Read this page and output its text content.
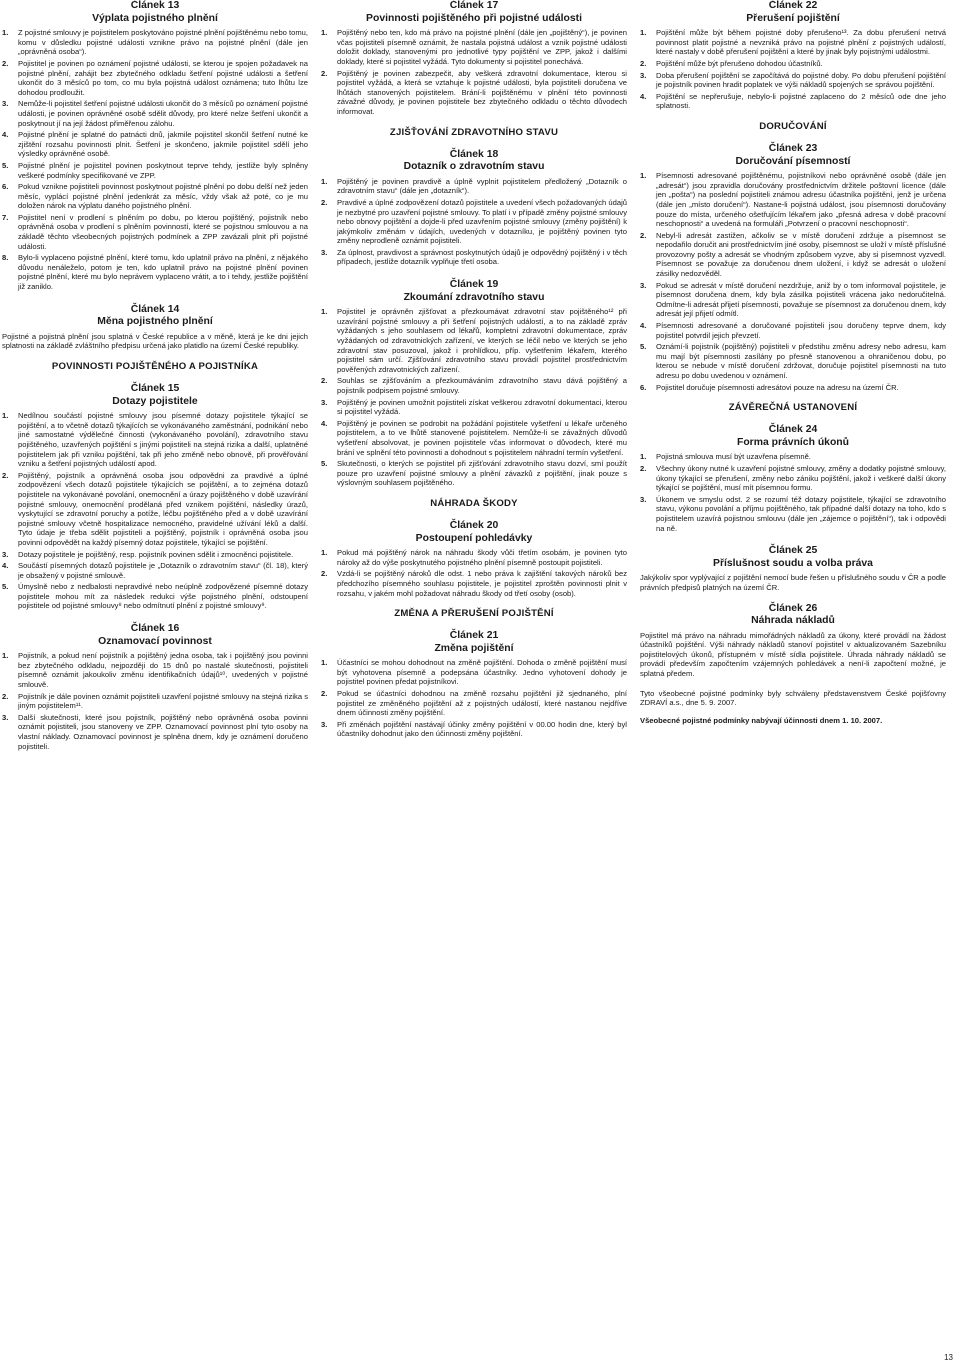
Článek 13
Výplata pojistného plnění
1. Z pojistné smlouvy je pojistitelem poskytováno pojistné plnění pojištěnému nebo tomu, komu v důsledku pojistné události vznikne právo na pojistné plnění (dále jen „oprávněná osoba“).
2. Pojistitel je povinen po oznámení pojistné události, se kterou je spojen požadavek na pojistné plnění, zahájit bez zbytečného odkladu šetření pojistné události a šetření ukončit do 3 měsíců po tom, co mu byla pojistná událost oznámena; tuto lhůtu lze dohodou prodloužit.
3. Nemůže-li pojistitel šetření pojistné události ukončit do 3 měsíců po oznámení pojistné události, je povinen oprávněné osobě sdělit důvody, pro které nelze šetření ukončit a poskytnout jí na její žádost přiměřenou zálohu.
4. Pojistné plnění je splatné do patnácti dnů, jakmile pojistitel skončil šetření nutné ke zjištění rozsahu povinnosti plnit. Šetření je skončeno, jakmile pojistitel sdělí jeho výsledky oprávněné osobě.
5. Pojistné plnění je pojistitel povinen poskytnout teprve tehdy, jestliže byly splněny veškeré podmínky specifikované ve ZPP.
6. Pokud vznikne pojistiteli povinnost poskytnout pojistné plnění po dobu delší než jeden měsíc, vyplácí pojistné plnění jedenkrát za měsíc, vždy však až poté, co je mu doložen nárok na výplatu daného pojistného plnění.
7. Pojistitel není v prodlení s plněním po dobu, po kterou pojištěný, pojistník nebo oprávněná osoba v prodlení s plněním povinností, které se pojistnou smlouvou a na základě těchto všeobecných pojistných podmínek a ZPP zavázali plnit při pojistné události.
8. Bylo-li vyplaceno pojistné plnění, které tomu, kdo uplatnil právo na plnění, z nějakého důvodu nenáleželo, potom je ten, kdo uplatnil právo na pojistné plnění povinen pojistné plnění, které mu bylo neprávem vyplaceno vrátit, a to i tehdy, jestliže pojištění již zaniklo.
Článek 14
Měna pojistného plnění

Pojistné a pojistná plnění jsou splatná v České republice a v měně, která je ke dni jejich splatnosti na základě zvláštního předpisu určená jako platidlo na území České republiky.

POVINNOSTI POJIŠTĚNÉHO A POJISTNÍKA
Článek 15
Dotazy pojistitele
1. Nedílnou součástí pojistné smlouvy jsou písemné dotazy pojistitele týkající se pojištění, a to včetně dotazů týkajících se vykonávaného zaměstnání, podnikání nebo jiné samostatné výdělečné činnosti (vykonávaného povolání), zdravotního stavu pojištěného, uzavřených pojištění s jinými pojistiteli na stejná rizika a další, uplatněné pojistitelem jak při vzniku pojištění, tak při jeho změně nebo obnově, při prověřování vzniku a šetření pojistných událostí apod.
2. Pojištěný, pojistník a oprávněná osoba jsou odpovědni za pravdivé a úplné zodpovězení všech dotazů pojistitele týkajících se pojištění, a to zejména dotazů pojistitele na vykonávané povolání, onemocnění a úrazy pojištěného v době uzavírání pojistné smlouvy, onemocnění prodělaná před vznikem pojištění, následky úrazů, vyskytující se zdravotní poruchy a potíže, léčbu pojištěného před a v době uzavírání pojistné smlouvy včetně hospitalizace nemocného, pravidelné užívání léků a další. Tyto údaje je třeba sdělit pojistiteli a pojištěný, pojistník i oprávněná osoba jsou povinni odpovědět na každý písemný dotaz pojistitele, týkající se pojištění.
3. Dotazy pojistitele je pojištěný, resp. pojistník povinen sdělit i zmocněnci pojistitele.
4. Součástí písemných dotazů pojistitele je „Dotazník o zdravotním stavu“ (čl. 18), který je obsažený v pojistné smlouvě.
5. Úmyslně nebo z nedbalosti nepravdivé nebo neúplně zodpovězené písemné dotazy pojistitele mohou mít za následek redukci výše pojistného plnění, odstoupení pojistitele od pojistné smlouvy⁸ nebo odmítnutí plnění z pojistné smlouvy⁹.
Článek 16
Oznamovací povinnost
1. Pojistník, a pokud není pojistník a pojištěný jedna osoba, tak i pojištěný jsou povinni bez zbytečného odkladu, nejpozději do 15 dnů po nastalé skutečnosti, pojistiteli písemně oznámit jakoukoliv změnu identifikačních údajů¹⁰, uvedených v pojistné smlouvě.
2. Pojistník je dále povinen oznámit pojistiteli uzavření pojistné smlouvy na stejná rizika s jiným pojistitelem¹¹.
3. Další skutečnosti, které jsou pojistník, pojištěný nebo oprávněná osoba povinni oznámit pojistiteli, jsou stanoveny ve ZPP. Oznamovací povinnost plní tyto osoby na vlastní náklady. Oznamovací povinnost je splněna dnem, kdy je oznámení doručeno pojistiteli.
Článek 17
Povinnosti pojištěného při pojistné události
1. Pojištěný nebo ten, kdo má právo na pojistné plnění (dále jen „pojištěný“), je povinen včas pojistiteli písemně oznámit, že nastala pojistná událost a vznik pojistné události doložit doklady, stanovenými pro jednotlivé typy pojištění ve ZPP, jakož i dalšími doklady, které si pojistitel vyžádá. Tyto dokumenty si pojistitel ponechává.
2. Pojištěný je povinen zabezpečit, aby veškerá zdravotní dokumentace, kterou si pojistitel vyžádá, a která se vztahuje k pojistné události, byla pojistiteli doručena ve lhůtách stanovených pojistitelem. Brání-li pojištěnému v plnění této povinnosti závažné důvody, je povinen pojistitele bez zbytečného odkladu o těchto důvodech informovat.
ZJIŠŤOVÁNÍ ZDRAVOTNÍHO STAVU
Článek 18
Dotazník o zdravotním stavu
1. Pojištěný je povinen pravdivě a úplně vyplnit pojistitelem předložený „Dotazník o zdravotním stavu“ (dále jen „dotazník“).
2. Pravdivé a úplné zodpovězení dotazů pojistitele a uvedení všech požadovaných údajů je nezbytné pro uzavření pojistné smlouvy. To platí i v případě změny pojistné smlouvy nebo obnovy pojištění a dojde-li před uzavřením pojistné smlouvy (změny pojištění) k jakýmkoliv změnám v údajích, uvedených v dotazníku, je pojištěný povinen tyto změny neprodleně oznámit pojistiteli.
3. Za úplnost, pravdivost a správnost poskytnutých údajů je odpovědný pojištěný i v těch případech, jestliže dotazník vyplňuje třetí osoba.
Článek 19
Zkoumání zdravotního stavu
1. Pojistitel je oprávněn zjišťovat a přezkoumávat zdravotní stav pojištěného¹² při uzavírání pojistné smlouvy a při šetření pojistných událostí, a to na základě zpráv vyžádaných s jeho souhlasem od lékařů, kompletní zdravotní dokumentace, zpráv vyžádaných od zdravotnických zařízení, ve kterých se léčil nebo ve kterých se jeho zdravotní stav posuzoval, jakož i prohlídkou, příp. vyšetřením lékařem, kterého pojistitel sám určí. Zjišťování zdravotního stavu provádí pojistitel prostřednictvím pověřených zdravotnických zařízení.
2. Souhlas se zjišťováním a přezkoumáváním zdravotního stavu dává pojištěný a pojistník podpisem pojistné smlouvy.
3. Pojištěný je povinen umožnit pojistiteli získat veškerou zdravotní dokumentaci, kterou si pojistitel vyžádá.
4. Pojištěný je povinen se podrobit na požádání pojistitele vyšetření u lékaře určeného pojistitelem, a to ve lhůtě stanovené pojistitelem. Nemůže-li se závažných důvodů vyšetření absolvovat, je povinen pojistitele včas informovat o důvodech, které mu brání ve splnění této povinnosti a dohodnout s pojistitelem náhradní termín vyšetření.
5. Skutečnosti, o kterých se pojistitel při zjišťování zdravotního stavu dozví, smí použít pouze pro uzavření pojistné smlouvy a plnění závazků z pojištění, jinak pouze s výslovným souhlasem pojištěného.
NÁHRADA ŠKODY
Článek 20
Postoupení pohledávky
1. Pokud má pojištěný nárok na náhradu škody vůči třetím osobám, je povinen tyto nároky až do výše poskytnutého pojistného plnění písemně postoupit pojistiteli.
2. Vzdá-li se pojištěný nároků dle odst. 1 nebo práva k zajištění takových nároků bez předchozího písemného souhlasu pojistitele, je pojistitel zproštěn povinnosti plnit v rozsahu, v jakém mohl požadovat náhradu škody od třetí osoby (osob).
ZMĚNA A PŘERUŠENÍ POJIŠTĚNÍ
Článek 21
Změna pojištění
1. Účastníci se mohou dohodnout na změně pojištění. Dohoda o změně pojištění musí být vyhotovena písemně a podepsána účastníky. Jedno vyhotovení dohody je pojistitel povinen předat pojistníkovi.
2. Pokud se účastníci dohodnou na změně rozsahu pojištění již sjednaného, plní pojistitel ze změněného pojištění až z pojistných událostí, které nastanou nejdříve dnem účinnosti změny pojištění.
3. Při změnách pojištění nastávají účinky změny pojištění v 00.00 hodin dne, který byl účastníky dohodnut jako den účinnosti změny pojištění.
Článek 22
Přerušení pojištění
1. Pojištění může být během pojistné doby přerušeno¹³. Za dobu přerušení netrvá povinnost platit pojistné a nevzniká právo na pojistné plnění z pojistných událostí, které nastaly v době přerušení pojištění a které by jinak byly pojistnými událostmi.
2. Pojištění může být přerušeno dohodou účastníků.
3. Doba přerušení pojištění se započítává do pojistné doby. Po dobu přerušení pojištění je pojistník povinen hradit poplatek ve výši nákladů spojených se správou pojištění.
4. Pojištění se nepřerušuje, nebylo-li pojistné zaplaceno do 2 měsíců ode dne jeho splatnosti.
DORUČOVÁNÍ
Článek 23
Doručování písemností
1. Písemnosti adresované pojištěnému, pojistníkovi nebo oprávněné osobě (dále jen „adresát“) jsou zpravidla doručovány prostřednictvím držitele poštovní licence (dále jen „pošta“) na poslední pojistiteli známou adresu účastníka pojištění, jenž je určena (dále jen „místo doručení“). Nastane-li pojistná událost, jsou písemnosti doručovány pouze do místa, určeného ošetřujícím lékařem jako „přesná adresa v době pracovní neschopnosti“ a uvedená na formuláři „Potvrzení o pracovní neschopnosti“.
2. Nebyl-li adresát zastižen, ačkoliv se v místě doručení zdržuje a písemnost se nepodařilo doručit ani prostřednictvím jiné osoby, písemnost se uloží v místě příslušné provozovny pošty a adresát se vhodným způsobem vyzve, aby si písemnost vyzvedl. Písemnost se považuje za doručenou dnem uložení, i když se adresát o uložení zásilky nedozvěděl.
3. Pokud se adresát v místě doručení nezdržuje, aniž by o tom informoval pojistitele, je písemnost doručena dnem, kdy byla zásilka pojistiteli vrácena jako nedoručitelná. Odmítne-li adresát přijetí písemnosti, považuje se písemnost za doručenou dnem, kdy adresát její přijetí odmítl.
4. Písemnosti adresované a doručované pojistiteli jsou doručeny teprve dnem, kdy pojistitel potvrdil jejich převzetí.
5. Oznámí-li pojistník (pojištěný) pojistiteli v předstihu změnu adresy nebo adresu, kam mu mají být písemnosti zasílány po přesně stanovenou a ohraničenou dobu, po kterou se nebude v místě doručení zdržovat, doručuje pojistitel písemnosti na tuto adresu po dobu uvedenou v oznámení.
6. Pojistitel doručuje písemnosti adresátovi pouze na adresu na území ČR.
ZÁVĚREČNÁ USTANOVENÍ
Článek 24
Forma právních úkonů
1. Pojistná smlouva musí být uzavřena písemně.
2. Všechny úkony nutné k uzavření pojistné smlouvy, změny a dodatky pojistné smlouvy, úkony týkající se přerušení, změny nebo zániku pojištění, jakož i veškeré další úkony týkající se pojištění, musí mít písemnou formu.
3. Úkonem ve smyslu odst. 2 se rozumí též dotazy pojistitele, týkající se zdravotního stavu, výkonu povolání a příjmu pojištěného, tak případné další dotazy na toho, kdo s pojistitelem uzavírá pojistnou smlouvu (dále jen „zájemce o pojištění“), tak i odpovědi na ně.
Článek 25
Příslušnost soudu a volba práva

Jakýkoliv spor vyplývající z pojištění nemocí bude řešen u příslušného soudu v ČR a podle právních předpisů platných na území ČR.

Článek 26
Náhrada nákladů

Pojistitel má právo na náhradu mimořádných nákladů za úkony, které provádí na žádost účastníků pojištění. Výši náhrady nákladů stanoví pojistitel v aktualizovaném Sazebníku pojistitelových úkonů, přístupném v místě sídla pojistitele. Úhrada náhrady nákladů se provádí především započtením vzájemných pohledávek a není-li započtení možné, je splatná předem.

Tyto všeobecné pojistné podmínky byly schváleny představenstvem České pojišťovny ZDRAVÍ a.s., dne 5. 9. 2007.

Všeobecné pojistné podmínky nabývají účinnosti dnem 1. 10. 2007.

13
